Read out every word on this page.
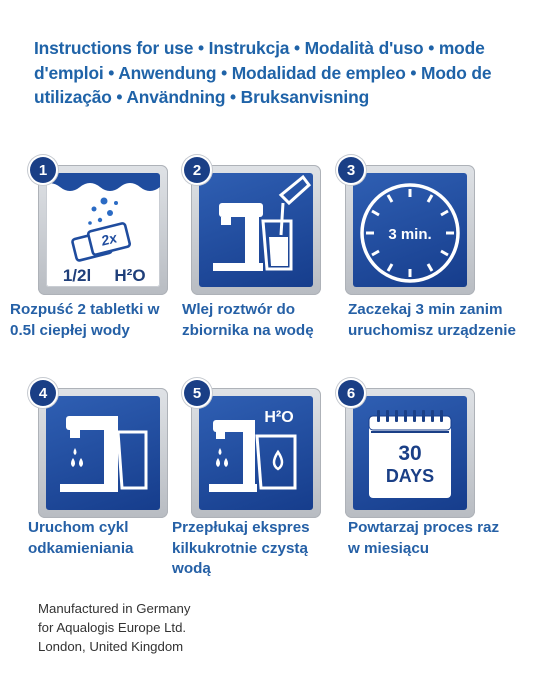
Instructions for use • Instrukcja • Modalità d'uso • mode d'emploi • Anwendung • Modalidad de empleo • Modo de utilização • Användning • Bruksanvisning
1
2x
1/2l H²O
Rozpuść 2 tabletki w 0.5l ciepłej wody
2
Wlej roztwór do zbiornika na wodę
3
3 min.
Zaczekaj 3 min zanim uruchomisz urządzenie
4
Uruchom cykl odkamieniania
5
H²O
Przepłukaj ekspres kilkukrotnie czystą wodą
6
30
DAYS
Powtarzaj proces raz w miesiącu
Manufactured in Germany
for Aqualogis Europe Ltd.
London, United Kingdom
